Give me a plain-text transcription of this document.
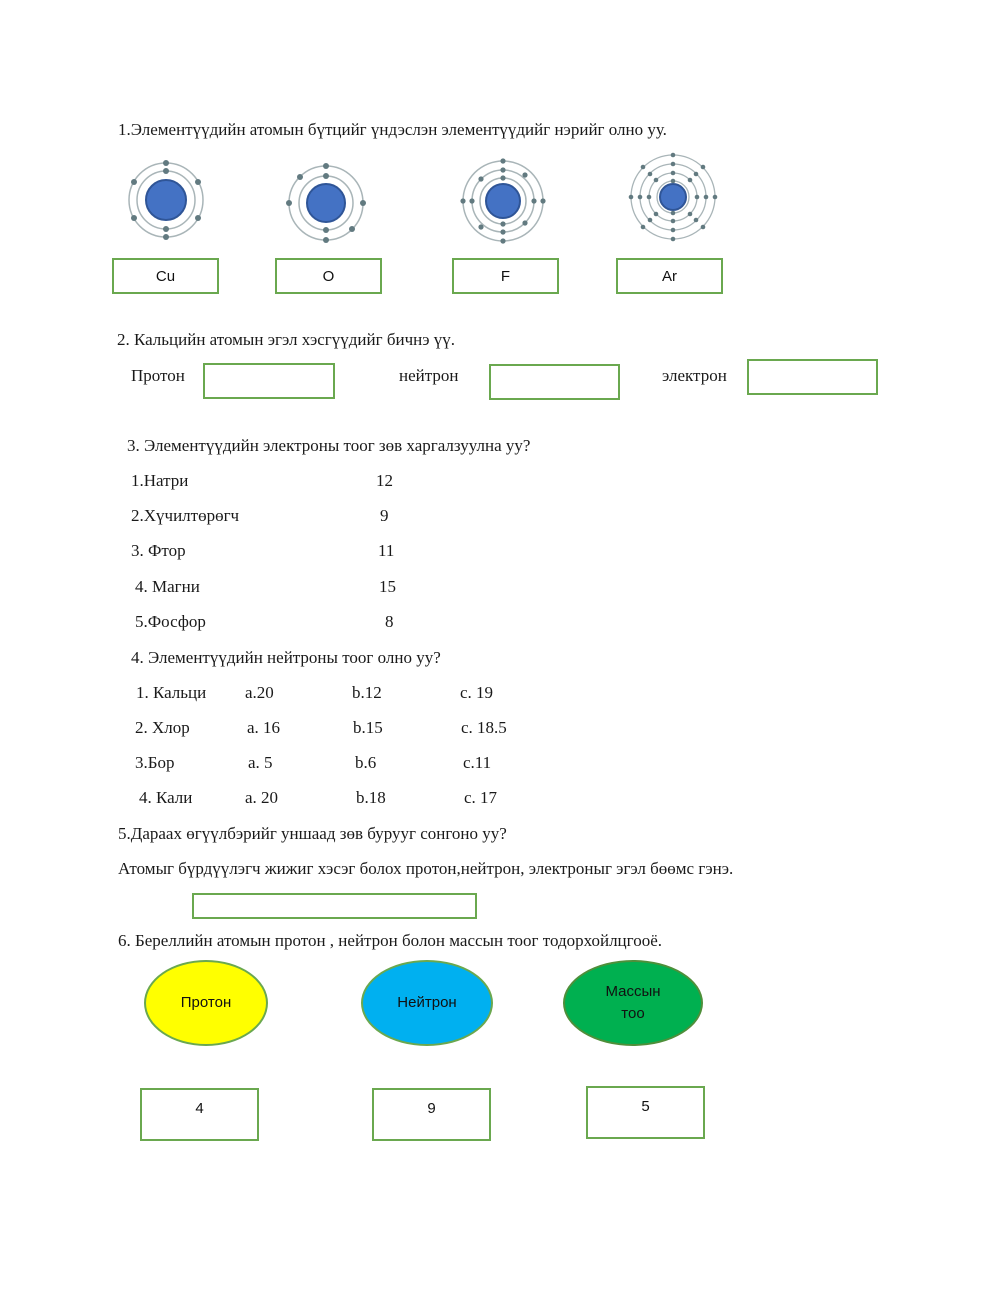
1.Элементүүдийн атомын бүтцийг үндэслэн элементүүдийг нэрийг олно уу.
Cu	O	F	Ar
2. Кальцийн атомын эгэл хэсгүүдийг бичнэ үү.
Протон	нейтрон	электрон
3. Элементүүдийн электроны тоог зөв харгалзуулна уу?
1.Натри	12
2.Хүчилтөрөгч	9
3. Фтор	11
4. Магни	15
5.Фосфор	8
4. Элементүүдийн нейтроны тоог олно уу?
1. Кальци a.20	b.12	c. 19
2. Хлор	a. 16	b.15	c. 18.5
3.Бор	a. 5	b.6	c.11
4. Кали	a. 20	b.18	c. 17
5.Дараах өгүүлбэрийг уншаад зөв бурууг сонгоно уу?
Атомыг бүрдүүлэгч жижиг хэсэг болох протон,нейтрон, электроныг эгэл бөөмс гэнэ.
6. Береллийн атомын протон , нейтрон болон массын тоог тодорхойлцгооё.
Протон	Нейтрон
Массын
тоо
4	9	5
